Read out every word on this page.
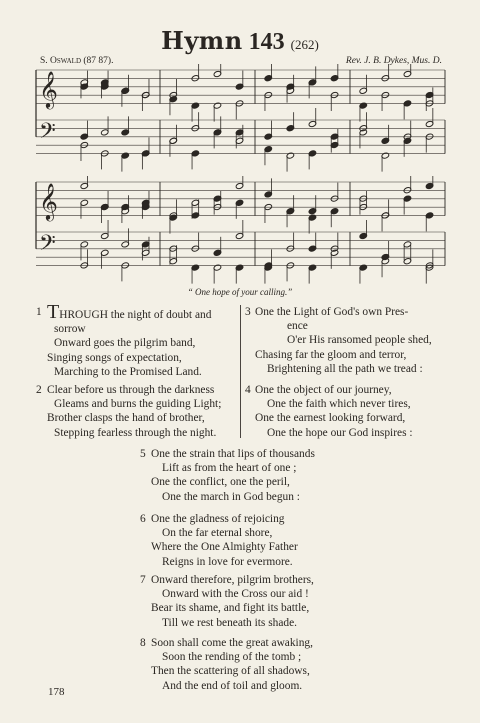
Hymn 143 (262)
S. Oswald (87 87).	Rev. J. B. Dykes, Mus. D.
𝄞
𝄢
𝄞
𝄢
“ One hope of your calling.”
1 THROUGH the night of doubt and
sorrow
Onward goes the pilgrim band,
Singing songs of expectation,
Marching to the Promised Land.
2 Clear before us through the darkness
Gleams and burns the guiding Light;
Brother clasps the hand of brother,
Stepping fearless through the night.
3 One the Light of God's own Pres-
ence
O'er His ransomed people shed,
Chasing far the gloom and terror,
Brightening all the path we tread :
4 One the object of our journey,
One the faith which never tires,
One the earnest looking forward,
One the hope our God inspires :
5 One the strain that lips of thousands
Lift as from the heart of one ;
One the conflict, one the peril,
One the march in God begun :
6 One the gladness of rejoicing
On the far eternal shore,
Where the One Almighty Father
Reigns in love for evermore.
7 Onward therefore, pilgrim brothers,
Onward with the Cross our aid !
Bear its shame, and fight its battle,
Till we rest beneath its shade.
8 Soon shall come the great awaking,
Soon the rending of the tomb ;
Then the scattering of all shadows,
And the end of toil and gloom.
178
